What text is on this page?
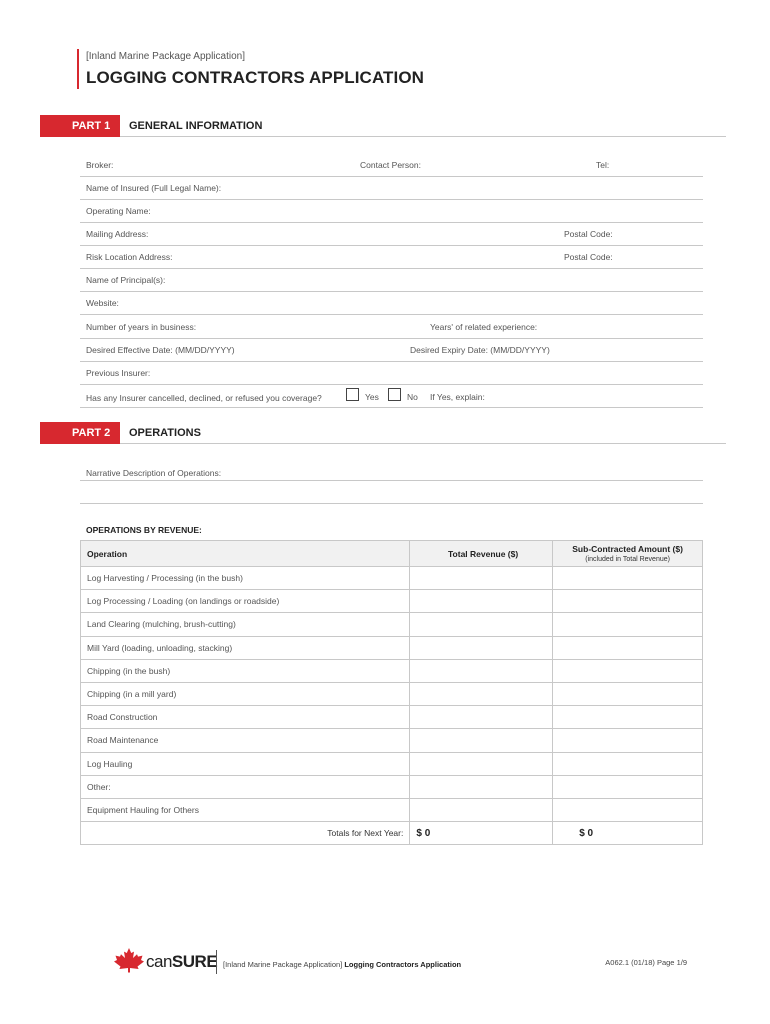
[Inland Marine Package Application]
LOGGING CONTRACTORS APPLICATION
PART 1	GENERAL INFORMATION
Broker:	Contact Person:	Tel:
Name of Insured (Full Legal Name):
Operating Name:
Mailing Address:	Postal Code:
Risk Location Address:	Postal Code:
Name of Principal(s):
Website:
Number of years in business:	Years' of related experience:
Desired Effective Date: (MM/DD/YYYY)	Desired Expiry Date: (MM/DD/YYYY)
Previous Insurer:
Has any Insurer cancelled, declined, or refused you coverage?	Yes	No If Yes, explain:
PART 2	OPERATIONS
Narrative Description of Operations:
OPERATIONS BY REVENUE:
Operation	Total Revenue ($)	Sub-Contracted Amount ($)
(included in Total Revenue)

Log Harvesting / Processing (in the bush)		
Log Processing / Loading (on landings or roadside)		
Land Clearing (mulching, brush-cutting)		
Mill Yard (loading, unloading, stacking)		
Chipping (in the bush)		
Chipping (in a mill yard)		
Road Construction		
Road Maintenance		
Log Hauling		
Other:		
Equipment Hauling for Others		
Totals for Next Year:	$ 0	$ 0
canSURE [Inland Marine Package Application] Logging Contractors Application	A062.1 (01/18) Page 1/9
